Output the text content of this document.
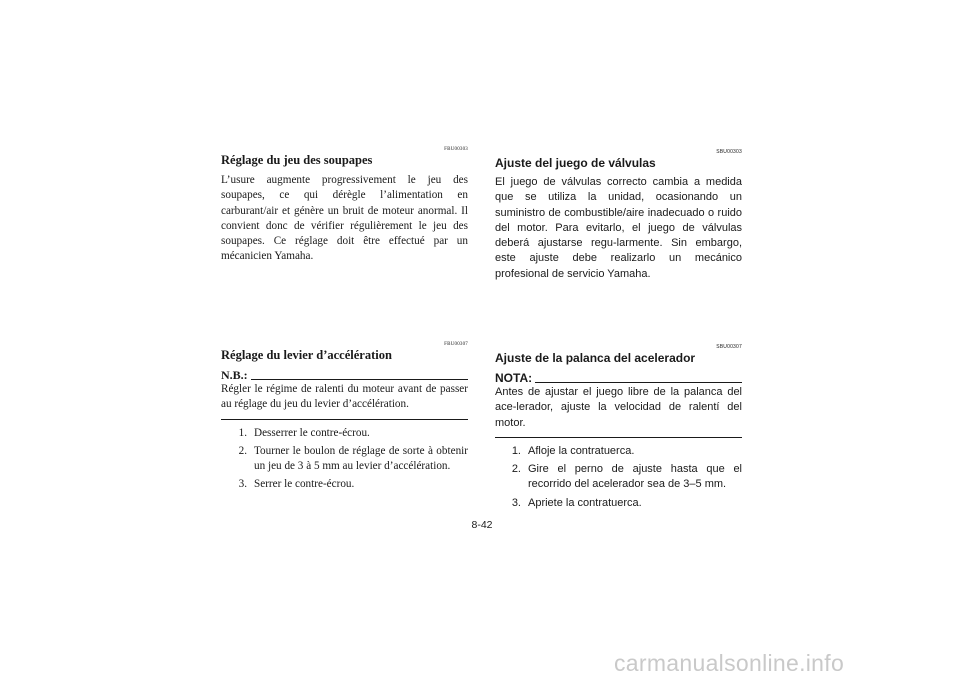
FBU00303
Réglage du jeu des soupapes

L’usure augmente progressivement le jeu des soupapes, ce qui dérègle l’alimentation en carburant/air et génère un bruit de moteur anormal. Il convient donc de vérifier régulièrement le jeu des soupapes. Ce réglage doit être effectué par un mécanicien Yamaha.

FBU00307
Réglage du levier d’accélération
N.B.:

Régler le régime de ralenti du moteur avant de passer au réglage du jeu du levier d’accélération.

1. Desserrer le contre-écrou.
2. Tourner le boulon de réglage de sorte à obtenir un jeu de 3 à 5 mm au levier d’accélération.
3. Serrer le contre-écrou.
SBU00303
Ajuste del juego de válvulas

El juego de válvulas correcto cambia a medida que se utiliza la unidad, ocasionando un suministro de combustible/aire inadecuado o ruido del motor. Para evitarlo, el juego de válvulas deberá ajustarse regu-larmente. Sin embargo, este ajuste debe realizarlo un mecánico profesional de servicio Yamaha.

SBU00307
Ajuste de la palanca del acelerador
NOTA:

Antes de ajustar el juego libre de la palanca del ace-lerador, ajuste la velocidad de ralentí del motor.

1. Afloje la contratuerca.
2. Gire el perno de ajuste hasta que el recorrido del acelerador sea de 3–5 mm.
3. Apriete la contratuerca.
8-42
carmanualsonline.info
